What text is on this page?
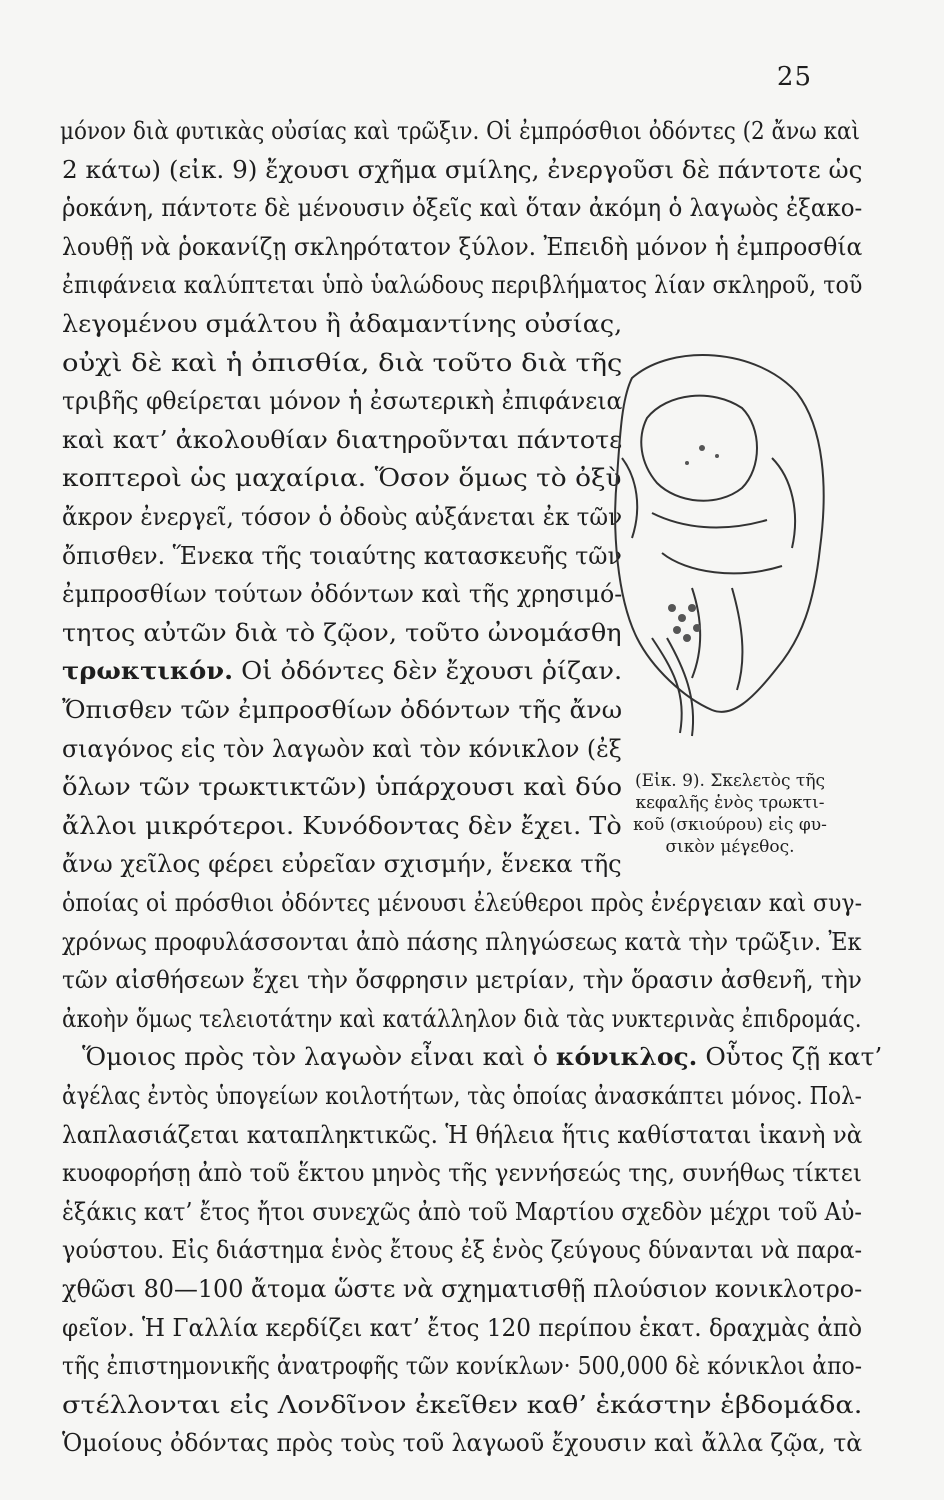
25
μόνον διὰ φυτικὰς οὐσίας καὶ τρῶξιν. Οἱ ἐμπρόσθιοι ὀδόντες (2 ἄνω καὶ
2 κάτω) (εἰκ. 9) ἔχουσι σχῆμα σμίλης, ἐνεργοῦσι δὲ πάντοτε ὡς
ῥοκάνη, πάντοτε δὲ μένουσιν ὀξεῖς καὶ ὅταν ἀκόμη ὁ λαγωὸς ἐξακο-
λουθῇ νὰ ῥοκανίζῃ σκληρότατον ξύλον. Ἐπειδὴ μόνον ἡ ἐμπροσθία
ἐπιφάνεια καλύπτεται ὑπὸ ὑαλώδους περιβλήματος λίαν σκληροῦ, τοῦ
λεγομένου σμάλτου ἢ ἀδαμαντίνης οὐσίας,
οὐχὶ δὲ καὶ ἡ ὀπισθία, διὰ τοῦτο διὰ τῆς
τριβῆς φθείρεται μόνον ἡ ἐσωτερικὴ ἐπιφάνεια
καὶ κατ’ ἀκολουθίαν διατηροῦνται πάντοτε
κοπτεροὶ ὡς μαχαίρια. Ὅσον ὅμως τὸ ὀξὺ
ἄκρον ἐνεργεῖ, τόσον ὁ ὀδοὺς αὐξάνεται ἐκ τῶν
ὄπισθεν. Ἕνεκα τῆς τοιαύτης κατασκευῆς τῶν
ἐμπροσθίων τούτων ὀδόντων καὶ τῆς χρησιμό-
τητος αὐτῶν διὰ τὸ ζῷον, τοῦτο ὠνομάσθη
τρωκτικόν. Οἱ ὀδόντες δὲν ἔχουσι ῥίζαν.
Ὄπισθεν τῶν ἐμπροσθίων ὀδόντων τῆς ἄνω
σιαγόνος εἰς τὸν λαγωὸν καὶ τὸν κόνικλον (ἐξ
ὅλων τῶν τρωκτικτῶν) ὑπάρχουσι καὶ δύο
ἄλλοι μικρότεροι. Κυνόδοντας δὲν ἔχει. Τὸ
ἄνω χεῖλος φέρει εὐρεῖαν σχισμήν, ἕνεκα τῆς
ὁποίας οἱ πρόσθιοι ὀδόντες μένουσι ἐλεύθεροι πρὸς ἐνέργειαν καὶ συγ-
χρόνως προφυλάσσονται ἀπὸ πάσης πληγώσεως κατὰ τὴν τρῶξιν. Ἐκ
τῶν αἰσθήσεων ἔχει τὴν ὄσφρησιν μετρίαν, τὴν ὅρασιν ἀσθενῆ, τὴν
ἀκοὴν ὅμως τελειοτάτην καὶ κατάλληλον διὰ τὰς νυκτερινὰς ἐπιδρομάς.
Ὅμοιος πρὸς τὸν λαγωὸν εἶναι καὶ ὁ κόνικλος. Οὗτος ζῇ κατ’
ἀγέλας ἐντὸς ὑπογείων κοιλοτήτων, τὰς ὁποίας ἀνασκάπτει μόνος. Πολ-
λαπλασιάζεται καταπληκτικῶς. Ἡ θήλεια ἥτις καθίσταται ἱκανὴ νὰ
κυοφορήσῃ ἀπὸ τοῦ ἕκτου μηνὸς τῆς γεννήσεώς της, συνήθως τίκτει
ἑξάκις κατ’ ἔτος ἤτοι συνεχῶς ἀπὸ τοῦ Μαρτίου σχεδὸν μέχρι τοῦ Αὐ-
γούστου. Εἰς διάστημα ἑνὸς ἔτους ἐξ ἑνὸς ζεύγους δύνανται νὰ παρα-
χθῶσι 80—100 ἄτομα ὥστε νὰ σχηματισθῇ πλούσιον κονικλοτρο-
φεῖον. Ἡ Γαλλία κερδίζει κατ’ ἔτος 120 περίπου ἑκατ. δραχμὰς ἀπὸ
τῆς ἐπιστημονικῆς ἀνατροφῆς τῶν κονίκλων· 500,000 δὲ κόνικλοι ἀπο-
στέλλονται εἰς Λονδῖνον ἐκεῖθεν καθ’ ἑκάστην ἑβδομάδα.
Ὁμοίους ὀδόντας πρὸς τοὺς τοῦ λαγωοῦ ἔχουσιν καὶ ἄλλα ζῷα, τὰ
(Εἰκ. 9). Σκελετὸς τῆς
κεφαλῆς ἑνὸς τρωκτι-
κοῦ (σκιούρου) εἰς φυ-
σικὸν μέγεθος.
